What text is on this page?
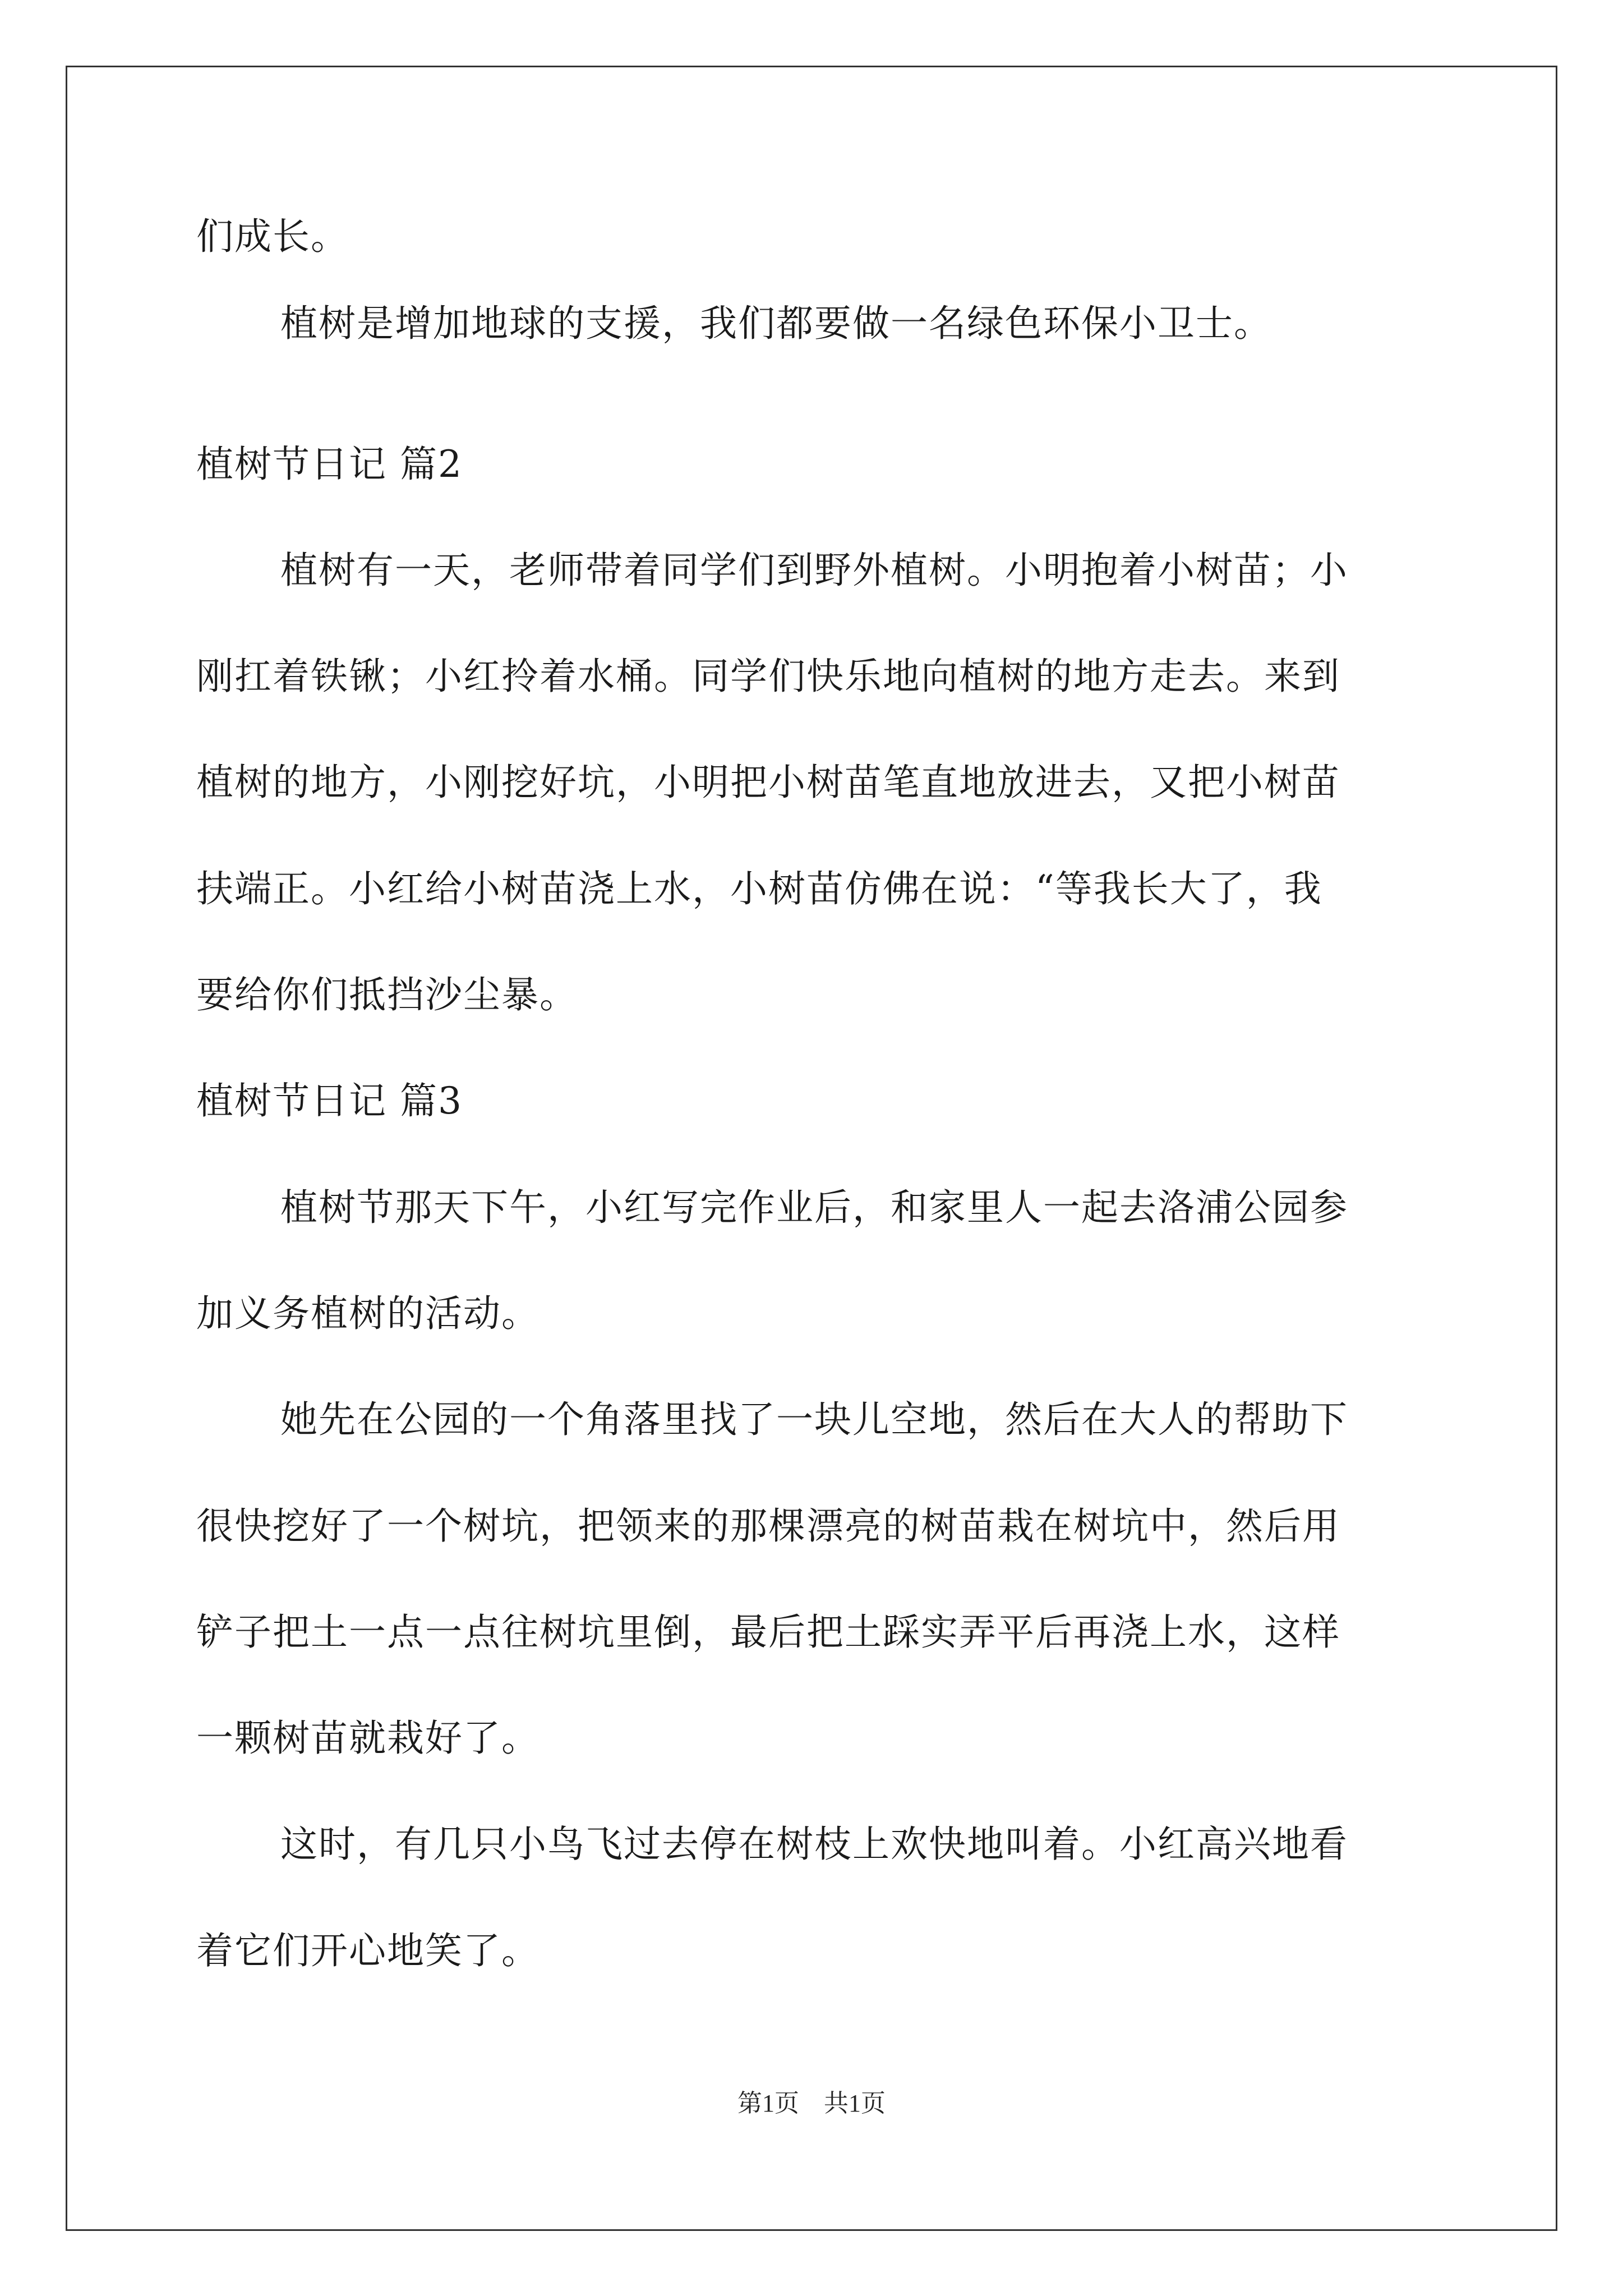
们成长。
植树是增加地球的支援，我们都要做一名绿色环保小卫士。
植树节日记 篇2
植树有一天，老师带着同学们到野外植树。小明抱着小树苗；小
刚扛着铁锹；小红拎着水桶。同学们快乐地向植树的地方走去。来到
植树的地方，小刚挖好坑，小明把小树苗笔直地放进去，又把小树苗
扶端正。小红给小树苗浇上水，小树苗仿佛在说：“等我长大了，我
要给你们抵挡沙尘暴。
植树节日记 篇3
植树节那天下午，小红写完作业后，和家里人一起去洛浦公园参
加义务植树的活动。
她先在公园的一个角落里找了一块儿空地，然后在大人的帮助下
很快挖好了一个树坑，把领来的那棵漂亮的树苗栽在树坑中，然后用
铲子把土一点一点往树坑里倒，最后把土踩实弄平后再浇上水，这样
一颗树苗就栽好了。
这时，有几只小鸟飞过去停在树枝上欢快地叫着。小红高兴地看
着它们开心地笑了。
第1页　共1页
